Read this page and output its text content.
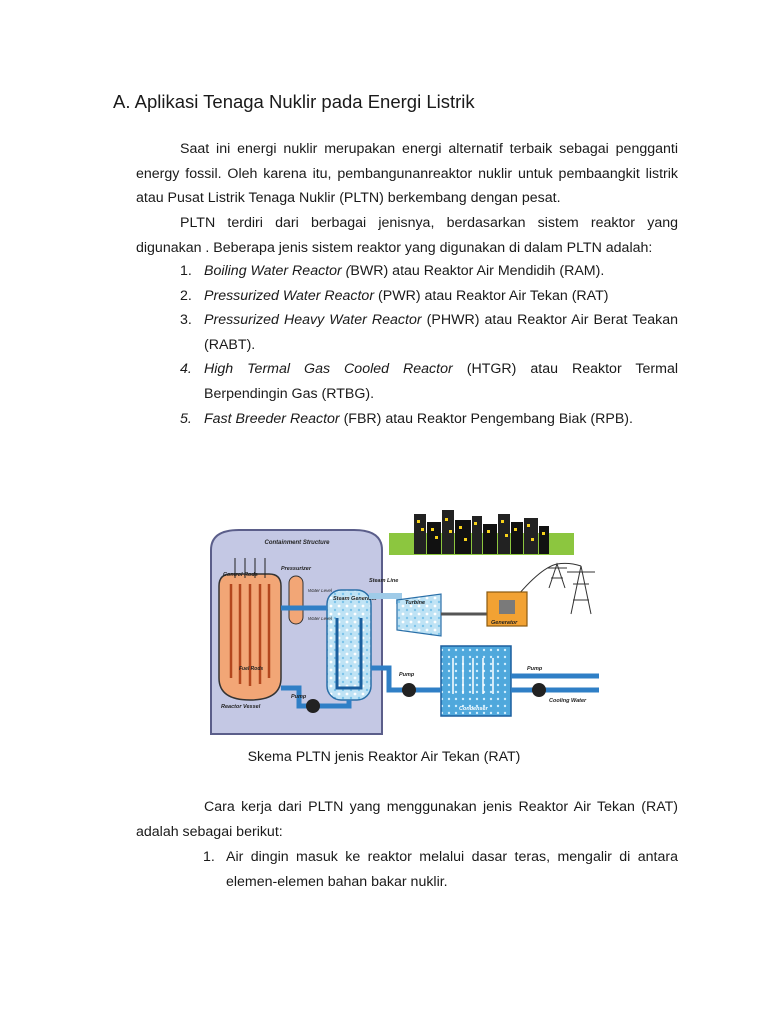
A. Aplikasi Tenaga Nuklir pada Energi Listrik

Saat ini energi nuklir merupakan energi alternatif terbaik sebagai pengganti energy fossil. Oleh karena itu, pembangunanreaktor nuklir untuk pembaangkit listrik atau Pusat Listrik Tenaga Nuklir (PLTN) berkembang dengan pesat.

PLTN terdiri dari berbagai jenisnya, berdasarkan sistem reaktor yang digunakan . Beberapa jenis sistem reaktor yang digunakan di dalam PLTN adalah:

1. Boiling Water Reactor (BWR) atau Reaktor Air Mendidih (RAM).
2. Pressurized Water Reactor (PWR) atau Reaktor Air Tekan (RAT)
3. Pressurized Heavy Water Reactor (PHWR) atau Reaktor Air Berat Teakan (RABT).
4. High Termal Gas Cooled Reactor (HTGR) atau Reaktor Termal Berpendingin Gas (RTBG).
5. Fast Breeder Reactor (FBR) atau Reaktor Pengembang Biak (RPB).
Containment Structure
Control Rods
Fuel Rods
Reactor Vessel
Pressurizer
Water Level
Steam Generator
Water Level
Pump
Steam Line
Turbine
Generator
Condenser
Pump
Pump
Cooling Water

Skema PLTN jenis Reaktor Air Tekan (RAT)

Cara kerja dari PLTN yang menggunakan jenis Reaktor Air Tekan (RAT) adalah sebagai berikut:

1. Air dingin masuk ke reaktor melalui dasar teras, mengalir di antara elemen-elemen bahan bakar nuklir.
